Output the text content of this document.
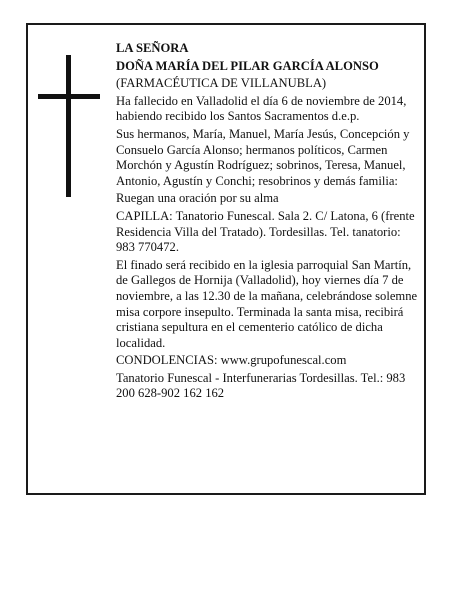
LA SEÑORA

DOÑA MARÍA DEL PILAR GARCÍA ALONSO

(FARMACÉUTICA DE VILLANUBLA)

Ha fallecido en Valladolid el día 6 de noviembre de 2014, habiendo recibido los Santos Sacramentos d.e.p.

Sus hermanos, María, Manuel, María Jesús, Concepción y Consuelo García Alonso; hermanos políticos, Carmen Morchón y Agustín Rodríguez; sobrinos, Teresa, Manuel, Antonio, Agustín y Conchi; resobrinos y demás familia:

Ruegan una oración por su alma

CAPILLA: Tanatorio Funescal. Sala 2. C/ Latona, 6 (frente Residencia Villa del Tratado). Tordesillas. Tel. tanatorio: 983 770472.

El finado será recibido en la iglesia parroquial San Martín, de Gallegos de Hornija (Valladolid), hoy viernes día 7 de noviembre, a las 12.30 de la mañana, celebrándose solemne misa corpore insepulto. Terminada la santa misa, recibirá cristiana sepultura en el cementerio católico de dicha localidad.

CONDOLENCIAS: www.grupofunescal.com

Tanatorio Funescal - Interfunerarias Tordesillas. Tel.: 983 200 628-902 162 162
